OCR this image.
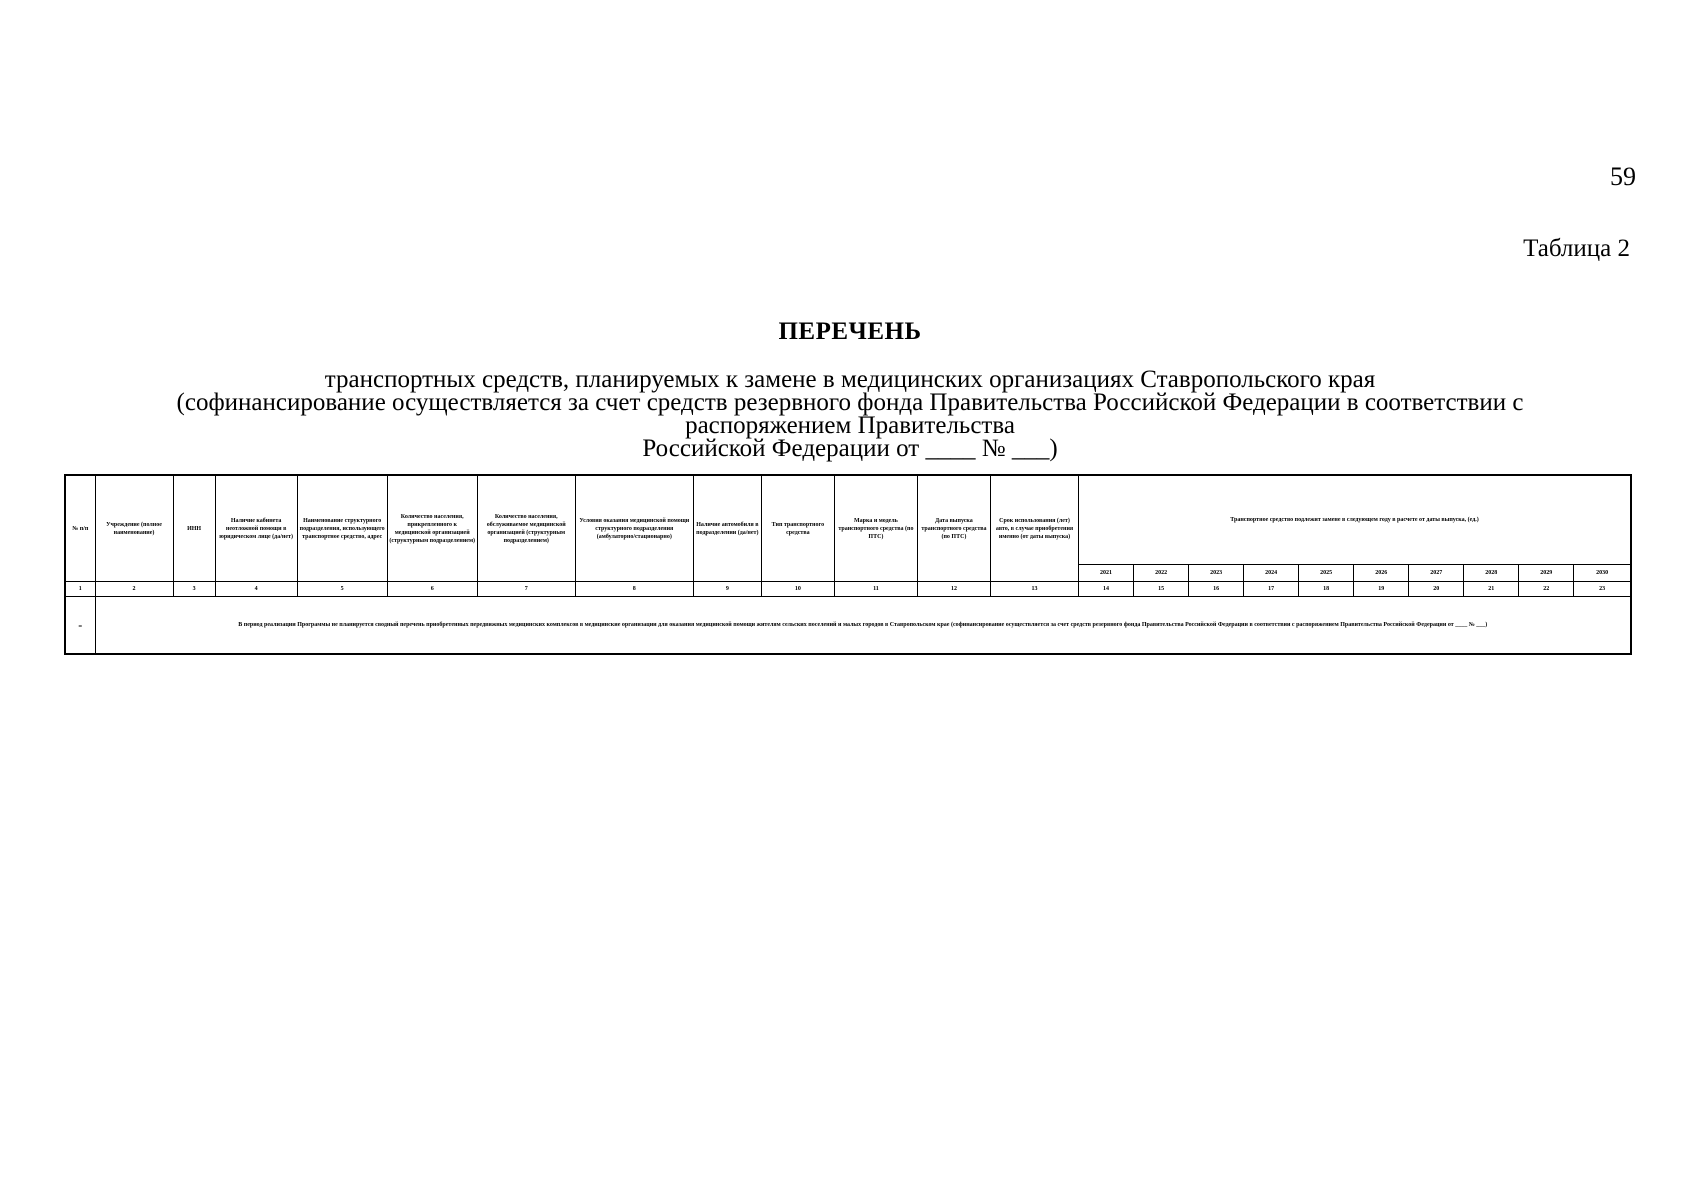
59
Таблица 2
ПЕРЕЧЕНЬ
транспортных средств, планируемых к замене в медицинских организациях Ставропольского края
(софинансирование осуществляется за счет средств резервного фонда Правительства Российской Федерации в соответствии с
распоряжением Правительства
Российской Федерации от ____ № ___)
№ п/п	Учреждение (полное наименование)	ИНН	Наличие кабинета неотложной помощи в юридическом лице (да/нет)	Наименование структурного подразделения, использующего транспортное средство, адрес	Количество населения, прикрепленного к медицинской организацией (структурным подразделением)	Количество населения, обслуживаемое медицинской организацией (структурным подразделением)	Условия оказания медицинской помощи структурного подразделения (амбулаторно/стационарно)	Наличие автомобиля в подразделении (да/нет)	Тип транспортного средства	Марка и модель транспортного средства (по ПТС)	Дата выпуска транспортного средства (по ПТС)	Срок использования (лет) авто, в случае приобретения именно (от даты выпуска)	Транспортное средство подлежит замене в следующем году в расчете от даты выпуска, (ед.)									
													2021	2022	2023	2024	2025	2026	2027	2028	2029	2030
1	2	3	4	5	6	7	8	9	10	11	12	13	14	15	16	17	18	19	20	21	22	23
-	В период реализации Программы не планируется сводный перечень приобретенных передвижных медицинских комплексов в медицинские организации для оказания медицинской помощи жителям сельских поселений и малых городов в Ставропольском крае (софинансирование осуществляется за счет средств резервного фонда Правительства Российской Федерации в соответствии с распоряжением Правительства Российской Федерации от ____ № ___)																					
